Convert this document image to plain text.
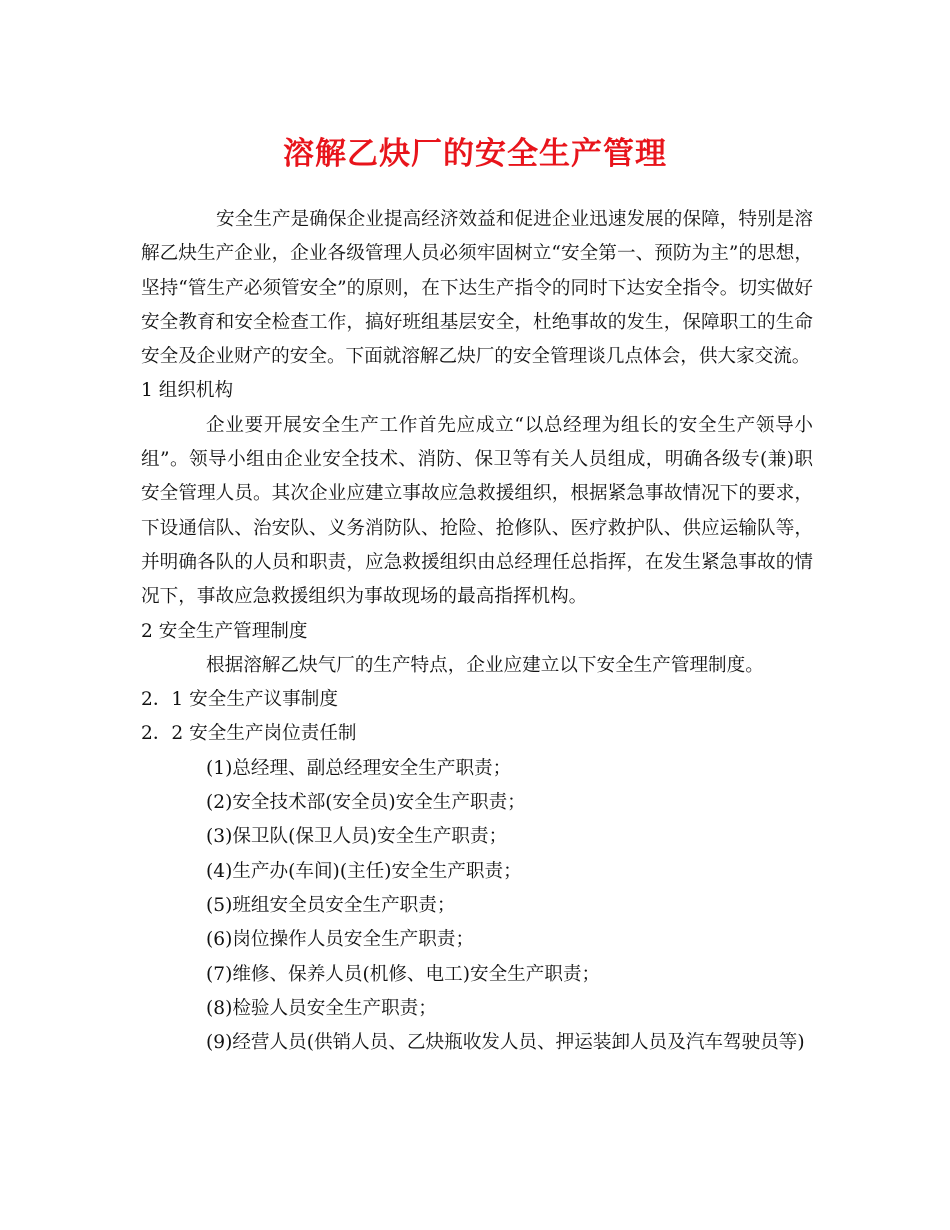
溶解乙炔厂的安全生产管理

安全生产是确保企业提高经济效益和促进企业迅速发展的保障，特别是溶解乙炔生产企业，企业各级管理人员必须牢固树立“安全第一、预防为主”的思想，坚持“管生产必须管安全”的原则，在下达生产指令的同时下达安全指令。切实做好安全教育和安全检查工作，搞好班组基层安全，杜绝事故的发生，保障职工的生命安全及企业财产的安全。下面就溶解乙炔厂的安全管理谈几点体会，供大家交流。

1 组织机构

企业要开展安全生产工作首先应成立“以总经理为组长的安全生产领导小组”。领导小组由企业安全技术、消防、保卫等有关人员组成，明确各级专(兼)职安全管理人员。其次企业应建立事故应急救援组织，根据紧急事故情况下的要求，下设通信队、治安队、义务消防队、抢险、抢修队、医疗救护队、供应运输队等，并明确各队的人员和职责，应急救援组织由总经理任总指挥，在发生紧急事故的情况下，事故应急救援组织为事故现场的最高指挥机构。

2 安全生产管理制度

根据溶解乙炔气厂的生产特点，企业应建立以下安全生产管理制度。

2．1 安全生产议事制度

2．2 安全生产岗位责任制

(1)总经理、副总经理安全生产职责；

(2)安全技术部(安全员)安全生产职责；

(3)保卫队(保卫人员)安全生产职责；

(4)生产办(车间)(主任)安全生产职责；

(5)班组安全员安全生产职责；

(6)岗位操作人员安全生产职责；

(7)维修、保养人员(机修、电工)安全生产职责；

(8)检验人员安全生产职责；

(9)经营人员(供销人员、乙炔瓶收发人员、押运装卸人员及汽车驾驶员等)
